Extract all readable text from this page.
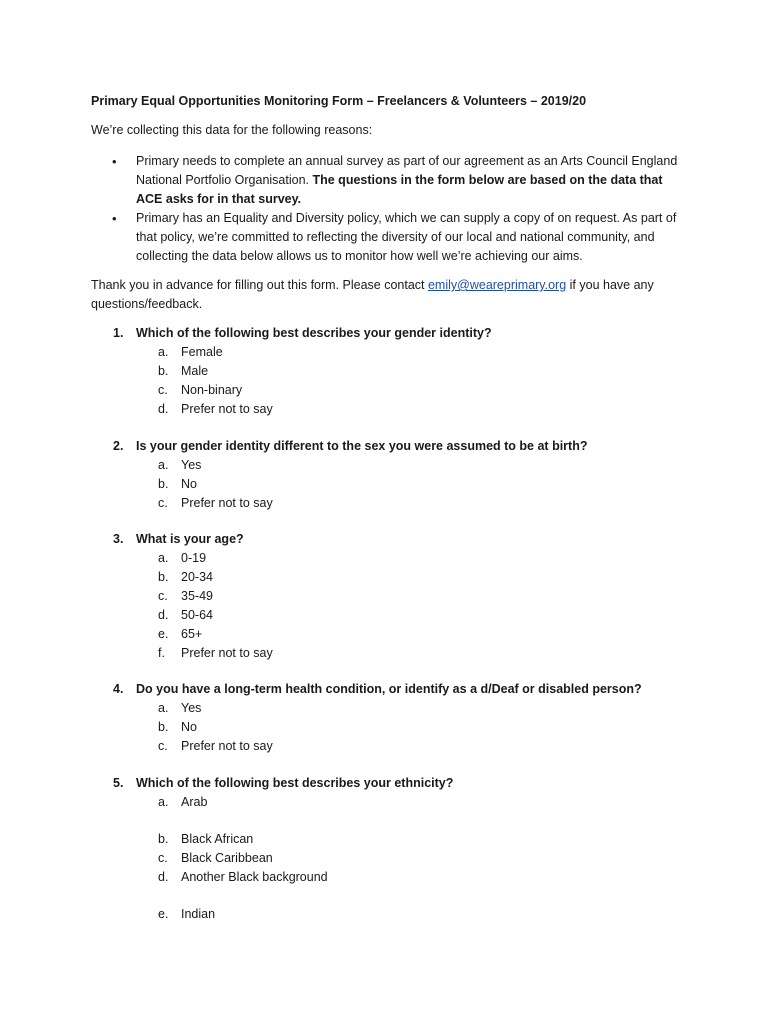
Primary Equal Opportunities Monitoring Form – Freelancers & Volunteers – 2019/20

We’re collecting this data for the following reasons:

• Primary needs to complete an annual survey as part of our agreement as an Arts Council England National Portfolio Organisation. The questions in the form below are based on the data that ACE asks for in that survey.
• Primary has an Equality and Diversity policy, which we can supply a copy of on request. As part of that policy, we’re committed to reflecting the diversity of our local and national community, and collecting the data below allows us to monitor how well we’re achieving our aims.

Thank you in advance for filling out this form. Please contact emily@weareprimary.org if you have any questions/feedback.

1. Which of the following best describes your gender identity?
a.	Female
b.	Male
c.	Non-binary
d.	Prefer not to say
2. Is your gender identity different to the sex you were assumed to be at birth?
a.	Yes
b.	No
c.	Prefer not to say
3. What is your age?
a.	0-19
b.	20-34
c.	35-49
d.	50-64
e.	65+
f.	Prefer not to say
4. Do you have a long-term health condition, or identify as a d/Deaf or disabled person?
a.	Yes
b.	No
c.	Prefer not to say
5. Which of the following best describes your ethnicity?
a.	Arab
b.	Black African
c.	Black Caribbean
d.	Another Black background
e.	Indian
